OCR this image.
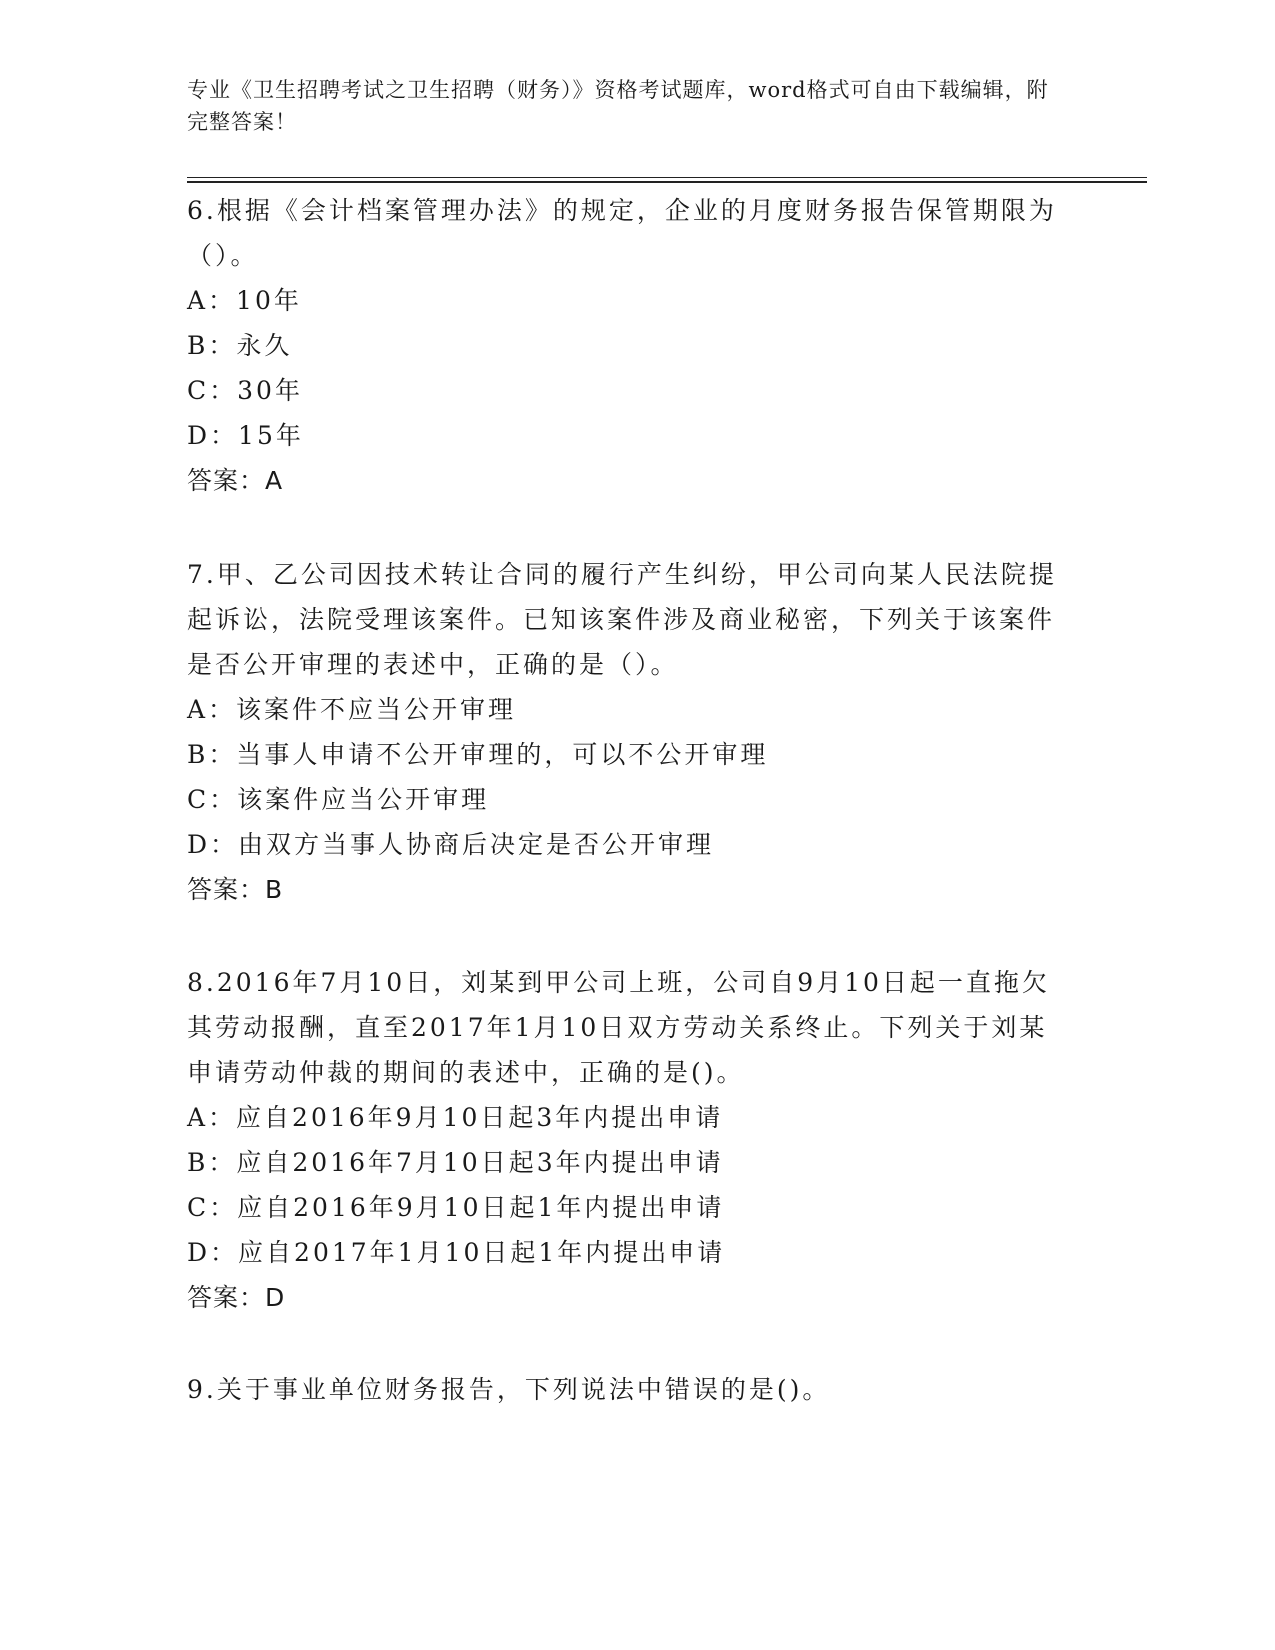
专业《卫生招聘考试之卫生招聘（财务）》资格考试题库，word格式可自由下载编辑，附完整答案！

6.根据《会计档案管理办法》的规定，企业的月度财务报告保管期限为（）。

A：10年

B：永久

C：30年

D：15年

答案：A

7.甲、乙公司因技术转让合同的履行产生纠纷，甲公司向某人民法院提起诉讼，法院受理该案件。已知该案件涉及商业秘密，下列关于该案件是否公开审理的表述中，正确的是（）。

A：该案件不应当公开审理

B：当事人申请不公开审理的，可以不公开审理

C：该案件应当公开审理

D：由双方当事人协商后决定是否公开审理

答案：B

8.2016年7月10日，刘某到甲公司上班，公司自9月10日起一直拖欠其劳动报酬，直至2017年1月10日双方劳动关系终止。下列关于刘某申请劳动仲裁的期间的表述中，正确的是()。

A：应自2016年9月10日起3年内提出申请

B：应自2016年7月10日起3年内提出申请

C：应自2016年9月10日起1年内提出申请

D：应自2017年1月10日起1年内提出申请

答案：D

9.关于事业单位财务报告，下列说法中错误的是()。
